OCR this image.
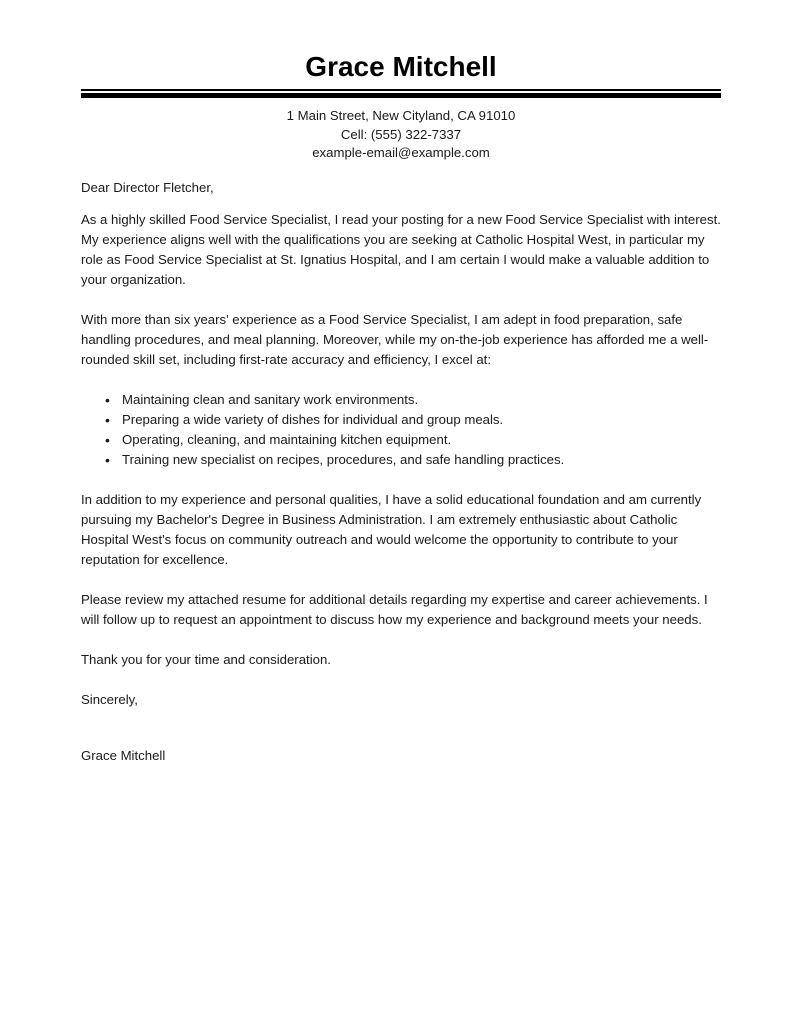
Grace Mitchell
1 Main Street, New Cityland, CA 91010
Cell: (555) 322-7337
example-email@example.com

Dear Director Fletcher,

As a highly skilled Food Service Specialist, I read your posting for a new Food Service Specialist with interest. My experience aligns well with the qualifications you are seeking at Catholic Hospital West, in particular my role as Food Service Specialist at St. Ignatius Hospital, and I am certain I would make a valuable addition to your organization.

With more than six years' experience as a Food Service Specialist, I am adept in food preparation, safe handling procedures, and meal planning. Moreover, while my on-the-job experience has afforded me a well-rounded skill set, including first-rate accuracy and efficiency, I excel at:

• Maintaining clean and sanitary work environments.
• Preparing a wide variety of dishes for individual and group meals.
• Operating, cleaning, and maintaining kitchen equipment.
• Training new specialist on recipes, procedures, and safe handling practices.

In addition to my experience and personal qualities, I have a solid educational foundation and am currently pursuing my Bachelor's Degree in Business Administration. I am extremely enthusiastic about Catholic Hospital West's focus on community outreach and would welcome the opportunity to contribute to your reputation for excellence.

Please review my attached resume for additional details regarding my expertise and career achievements. I will follow up to request an appointment to discuss how my experience and background meets your needs.

Thank you for your time and consideration.

Sincerely,

Grace Mitchell
